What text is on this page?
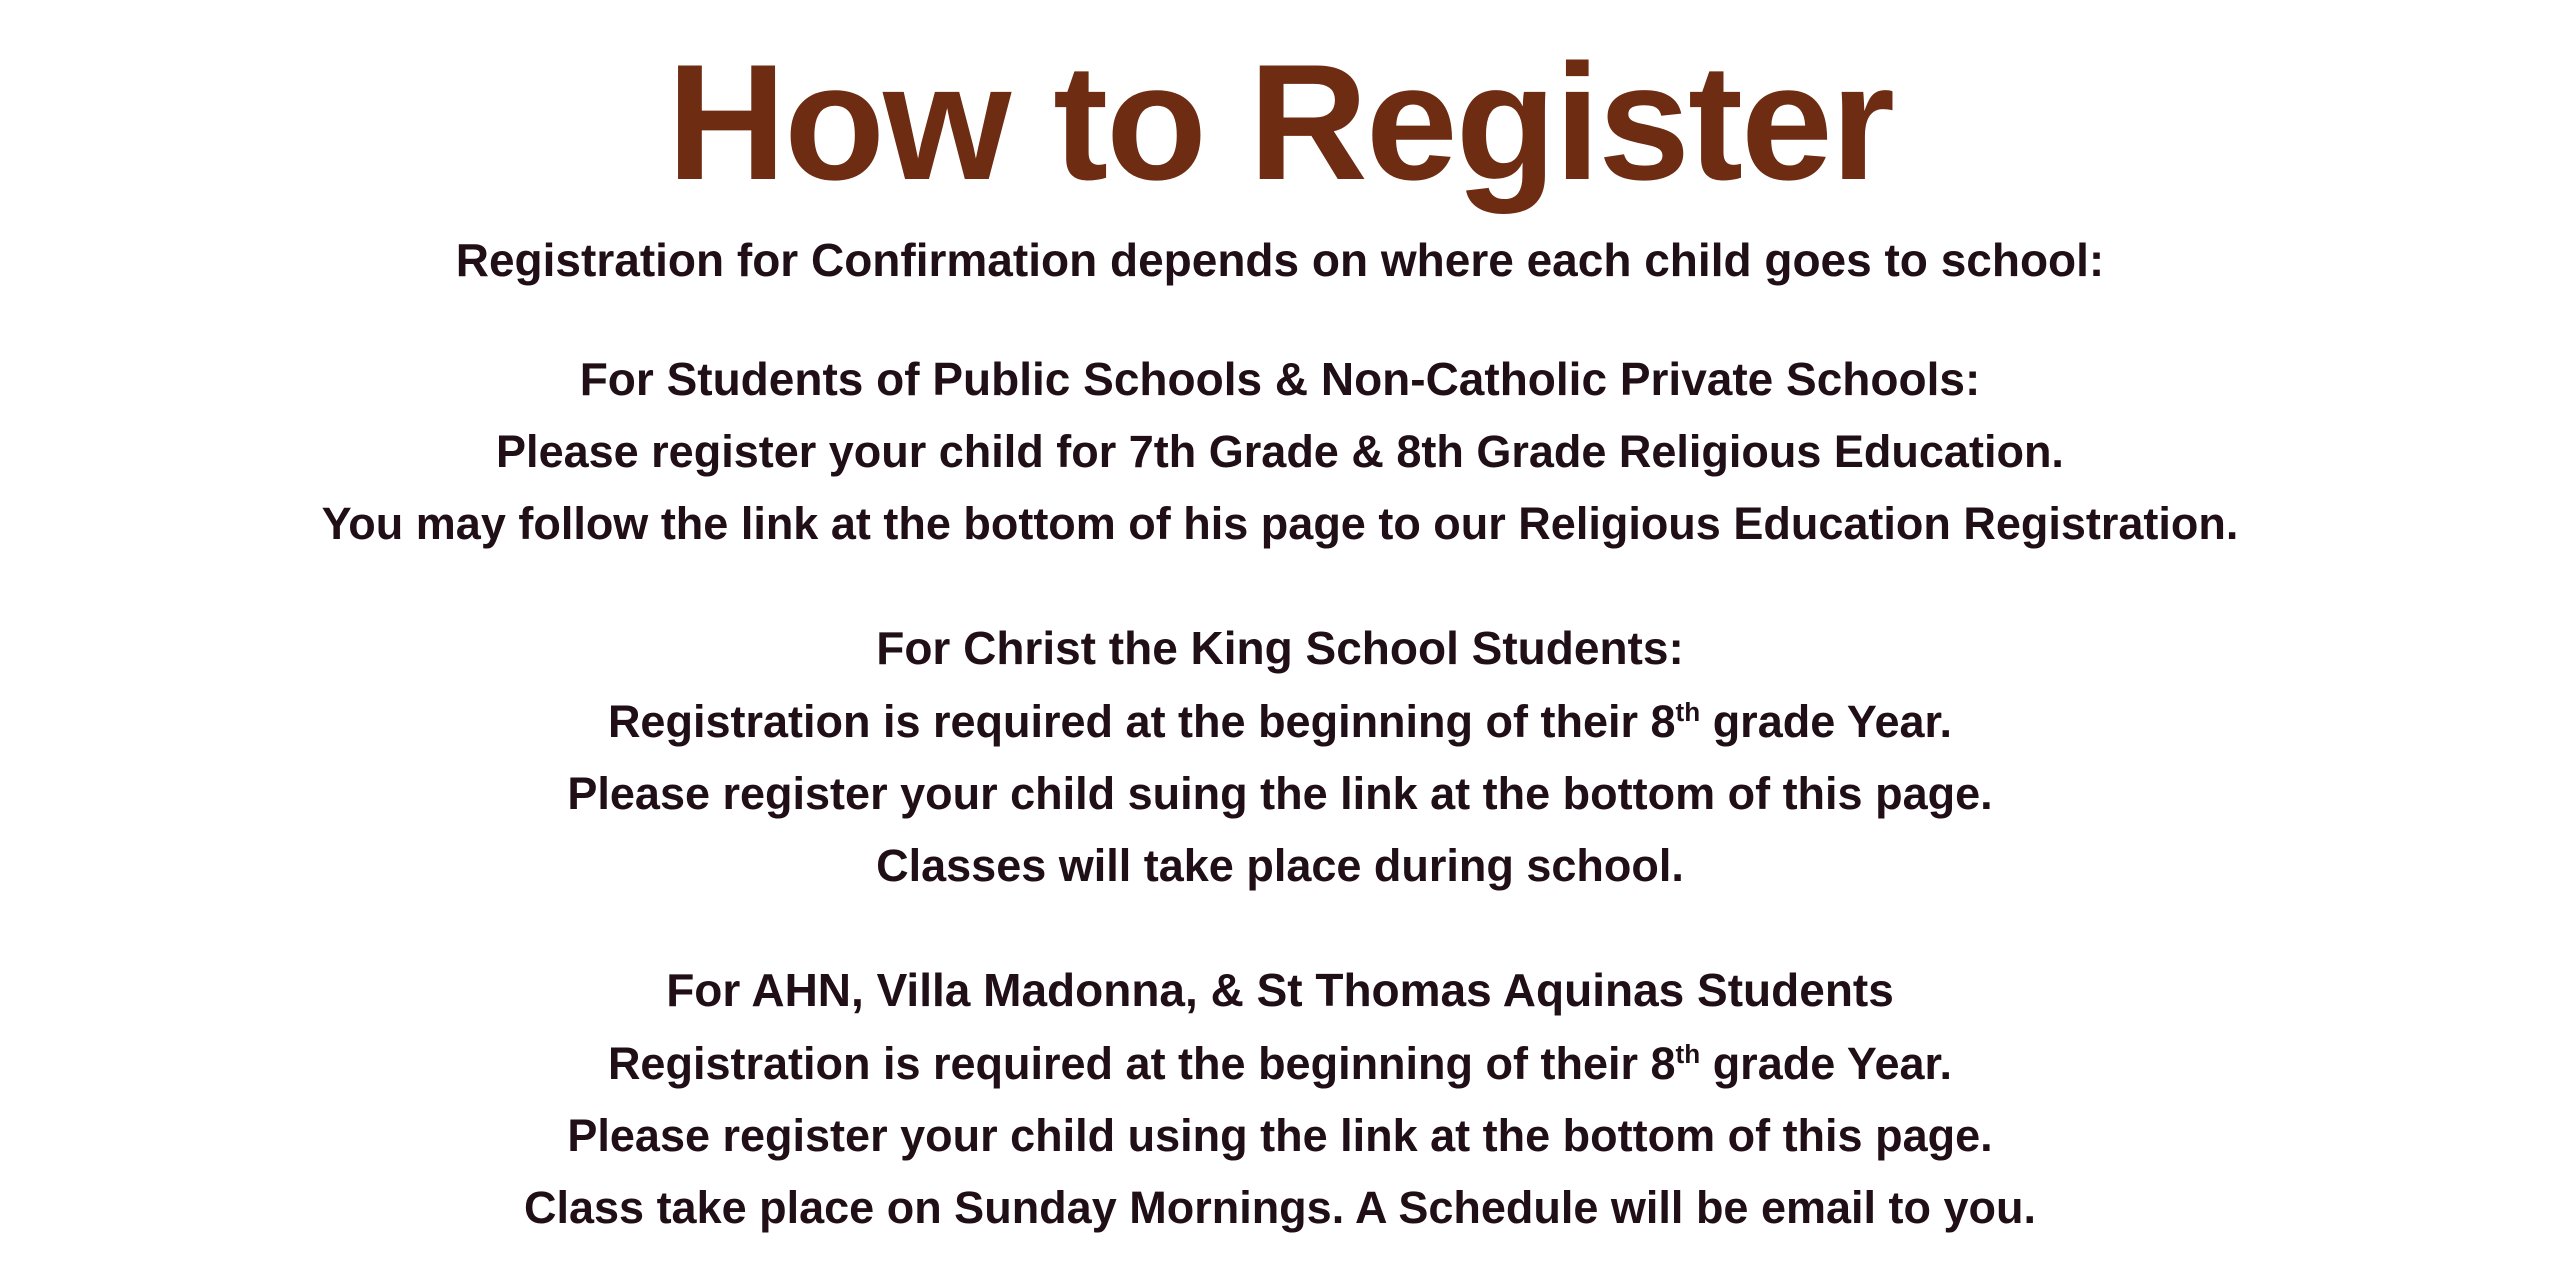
How to Register

Registration for Confirmation depends on where each child goes to school:

For Students of Public Schools & Non-Catholic Private Schools:

Please register your child for 7th Grade & 8th Grade Religious Education.

You may follow the link at the bottom of his page to our Religious Education Registration.

For Christ the King School Students:

Registration is required at the beginning of their 8th grade Year.

Please register your child suing the link at the bottom of this page.

Classes will take place during school.

For AHN, Villa Madonna, & St Thomas Aquinas Students

Registration is required at the beginning of their 8th grade Year.

Please register your child using the link at the bottom of this page.

Class take place on Sunday Mornings. A Schedule will be email to you.
